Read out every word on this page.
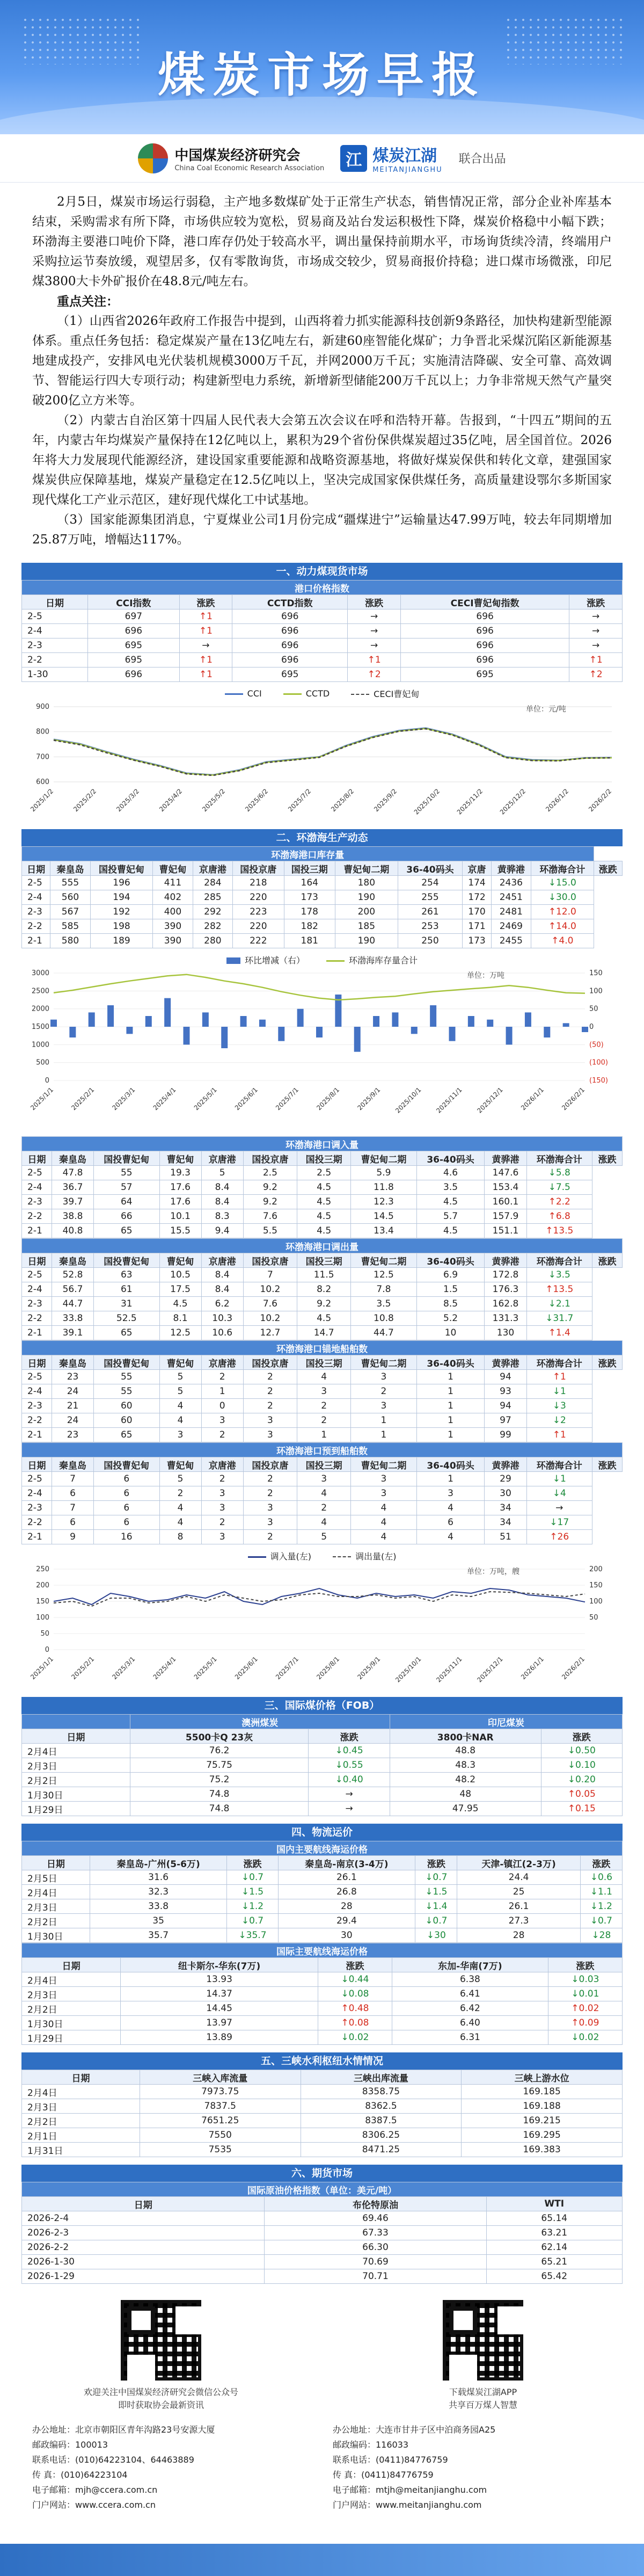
煤炭市场早报
中国煤炭经济研究会
China Coal Economic Research Association	江 煤炭江湖
MEITANJIANGHU
联合出品

2月5日，煤炭市场运行弱稳，主产地多数煤矿处于正常生产状态，销售情况正常，部分企业补库基本结束，采购需求有所下降，市场供应较为宽松，贸易商及站台发运积极性下降，煤炭价格稳中小幅下跌；环渤海主要港口吨价下降，港口库存仍处于较高水平，调出量保持前期水平，市场询货续冷清，终端用户采购拉运节奏放缓，观望居多，仅有零散询货，市场成交较少，贸易商报价持稳；进口煤市场微涨，印尼煤3800大卡外矿报价在48.8元/吨左右。

重点关注：

（1）山西省2026年政府工作报告中提到，山西将着力抓实能源科技创新9条路径，加快构建新型能源体系。重点任务包括：稳定煤炭产量在13亿吨左右，新建60座智能化煤矿；力争晋北采煤沉陷区新能源基地建成投产，安排风电光伏装机规模3000万千瓦，并网2000万千瓦；实施清洁降碳、安全可靠、高效调节、智能运行四大专项行动；构建新型电力系统，新增新型储能200万千瓦以上；力争非常规天然气产量突破200亿立方米等。

（2）内蒙古自治区第十四届人民代表大会第五次会议在呼和浩特开幕。告报到，“十四五”期间的五年，内蒙古年均煤炭产量保持在12亿吨以上，累积为29个省份保供煤炭超过35亿吨，居全国首位。2026年将大力发展现代能源经济，建设国家重要能源和战略资源基地，将做好煤炭保供和转化文章，建强国家煤炭供应保障基地，煤炭产量稳定在12.5亿吨以上，坚决完成国家保供煤任务，高质量建设鄂尔多斯国家现代煤化工产业示范区，建好现代煤化工中试基地。

（3）国家能源集团消息，宁夏煤业公司1月份完成“疆煤进宁”运输量达47.99万吨，较去年同期增加25.87万吨，增幅达117%。

一、动力煤现货市场
港口价格指数						
日期	CCI指数	涨跌	CCTD指数	涨跌	CECI曹妃甸指数	涨跌
2-5	697	↑1	696	→	696	→
2-4	696	↑1	696	→	696	→
2-3	695	→	696	→	696	→
2-2	695	↑1	696	↑1	696	↑1
1-30	696	↑1	695	↑2	695	↑2
CCI	CCTD	CECI曹妃甸
单位：元/吨
900
800
700
600
2025/1/2	2025/2/2	2025/3/2	2025/4/2	2025/5/2	2025/6/2	2025/7/2	2025/8/2	2025/9/2 2025/10/2 2025/11/2 2025/12/2	2026/1/2	2026/2/2
二、环渤海生产动态
环渤海港口库存量												
日期	秦皇岛	国投曹妃甸	曹妃甸	京唐港	国投京唐	国投三期	曹妃甸二期	36-40码头	京唐	黄骅港	环渤海合计	涨跌
2-5	555	196	411	284	218	164	180	254	174	2436	↓15.0	
2-4	560	194	402	285	220	173	190	255	172	2451	↓30.0	
2-3	567	192	400	292	223	178	200	261	170	2481	↑12.0	
2-2	585	198	390	282	220	182	185	253	171	2469	↑14.0	
2-1	580	189	390	280	222	181	190	250	173	2455	↑4.0	
环比增减（右）	环渤海库存量合计
单位：万吨
3000
2500
2000
1500
1000
500
0
150
100
50
0
(50)
(100)
(150)
2025/1/1 2025/2/1 2025/3/1 2025/4/1 2025/5/1 2025/6/1 2025/7/1 2025/8/1 2025/9/1 2025/10/1 2025/11/1 2025/12/1 2026/1/1 2026/2/1
环渤海港口调入量											
日期	秦皇岛	国投曹妃甸	曹妃甸	京唐港	国投京唐	国投三期	曹妃甸二期	36-40码头	黄骅港	环渤海合计	涨跌
2-5	47.8	55	19.3	5	2.5	2.5	5.9	4.6	147.6	↓5.8	
2-4	36.7	57	17.6	8.4	9.2	4.5	11.8	3.5	153.4	↓7.5	
2-3	39.7	64	17.6	8.4	9.2	4.5	12.3	4.5	160.1	↑2.2	
2-2	38.8	66	10.1	8.3	7.6	4.5	14.5	5.7	157.9	↑6.8	
2-1	40.8	65	15.5	9.4	5.5	4.5	13.4	4.5	151.1	↑13.5	
环渤海港口调出量											
日期	秦皇岛	国投曹妃甸	曹妃甸	京唐港	国投京唐	国投三期	曹妃甸二期	36-40码头	黄骅港	环渤海合计	涨跌
2-5	52.8	63	10.5	8.4	7	11.5	12.5	6.9	172.8	↓3.5	
2-4	56.7	61	17.5	8.4	10.2	8.2	7.8	1.5	176.3	↑13.5	
2-3	44.7	31	4.5	6.2	7.6	9.2	3.5	8.5	162.8	↓2.1	
2-2	33.8	52.5	8.1	10.3	10.2	4.5	10.8	5.2	131.3	↓31.7	
2-1	39.1	65	12.5	10.6	12.7	14.7	44.7	10	130	↑1.4	
环渤海港口锚地船舶数											
日期	秦皇岛	国投曹妃甸	曹妃甸	京唐港	国投京唐	国投三期	曹妃甸二期	36-40码头	黄骅港	环渤海合计	涨跌
2-5	23	55	5	2	2	4	3	1	94	↑1	
2-4	24	55	5	1	2	3	2	1	93	↓1	
2-3	21	60	4	0	2	2	3	1	94	↓3	
2-2	24	60	4	3	3	2	1	1	97	↓2	
2-1	23	65	3	2	3	1	1	1	99	↑1	
环渤海港口预到船舶数											
日期	秦皇岛	国投曹妃甸	曹妃甸	京唐港	国投京唐	国投三期	曹妃甸二期	36-40码头	黄骅港	环渤海合计	涨跌
2-5	7	6	5	2	2	3	3	1	29	↓1	
2-4	6	6	2	3	2	4	3	3	30	↓4	
2-3	7	6	4	3	3	2	4	4	34	→	
2-2	6	6	4	2	3	4	4	6	34	↓17	
2-1	9	16	8	3	2	5	4	4	51	↑26	
调入量(左)	调出量(左)
单位：万吨，艘
250
200
150
100
50
0
200
150
100
50
2025/1/1 2025/2/1 2025/3/1 2025/4/1 2025/5/1 2025/6/1 2025/7/1 2025/8/1 2025/9/1 2025/10/1 2025/11/1 2025/12/1 2026/1/1 2026/2/1
三、国际煤价格（FOB）
	澳洲煤炭		印尼煤炭	
日期	5500卡Q 23灰	涨跌	3800卡NAR	涨跌
2月4日	76.2	↓0.45	48.8	↓0.50
2月3日	75.75	↓0.55	48.3	↓0.10
2月2日	75.2	↓0.40	48.2	↓0.20
1月30日	74.8	→	48	↑0.05
1月29日	74.8	→	47.95	↑0.15
四、物流运价
国内主要航线海运价格						
日期	秦皇岛-广州(5-6万)	涨跌	秦皇岛-南京(3-4万)	涨跌	天津-镇江(2-3万)	涨跌
2月5日	31.6	↓0.7	26.1	↓0.7	24.4	↓0.6
2月4日	32.3	↓1.5	26.8	↓1.5	25	↓1.1
2月3日	33.8	↓1.2	28	↓1.4	26.1	↓1.2
2月2日	35	↓0.7	29.4	↓0.7	27.3	↓0.7
1月30日	35.7	↓35.7	30	↓30	28	↓28
国际主要航线海运价格				
日期	纽卡斯尔-华东(7万)	涨跌	东加-华南(7万)	涨跌
2月4日	13.93	↓0.44	6.38	↓0.03
2月3日	14.37	↓0.08	6.41	↓0.01
2月2日	14.45	↑0.48	6.42	↑0.02
1月30日	13.97	↑0.08	6.40	↑0.09
1月29日	13.89	↓0.02	6.31	↓0.02
五、三峡水利枢纽水情情况
日期	三峡入库流量	三峡出库流量	三峡上游水位
2月4日	7973.75	8358.75	169.185
2月3日	7837.5	8362.5	169.188
2月2日	7651.25	8387.5	169.215
2月1日	7550	8306.25	169.295
1月31日	7535	8471.25	169.383
六、期货市场
国际原油价格指数（单位：美元/吨）		
日期	布伦特原油	WTI
2026-2-4	69.46	65.14
2026-2-3	67.33	63.21
2026-2-2	66.30	62.14
2026-1-30	70.69	65.21
2026-1-29	70.71	65.42
欢迎关注中国煤炭经济研究会微信公众号
即时获取协会最新资讯
下载煤炭江湖APP
共享百万煤人智慧
办公地址：北京市朝阳区青年沟路23号安源大厦
邮政编码：100013
联系电话：(010)64223104、64463889
传 真：(010)64223104
电子邮箱：mjh@ccera.com.cn
门户网站：www.ccera.com.cn
办公地址：大连市甘井子区中泊商务园A25
邮政编码：116033
联系电话：(0411)84776759
传 真：(0411)84776759
电子邮箱：mtjh@meitanjianghu.com
门户网站：www.meitanjianghu.com
